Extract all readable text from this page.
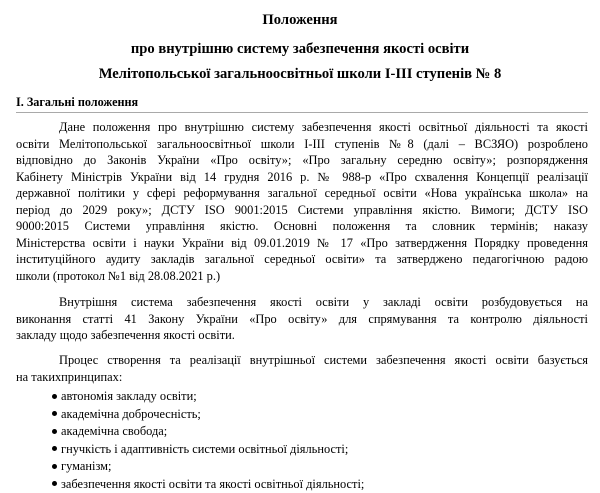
Положення

про внутрішню систему забезпечення якості освіти

Мелітопольської загальноосвітньої школи І-ІІІ ступенів № 8

І. Загальні положення

Дане положення про внутрішню систему забезпечення якості освітньої діяльності та якості

освіти Мелітопольської загальноосвітньої школи І-ІІІ ступенів №8 (далі – ВСЗЯО) розроблено

відповідно до Законів України «Про освіту»; «Про загальну середню освіту»; розпорядження

Кабінету Міністрів України від 14 грудня 2016 р. № 988-р «Про схвалення Концепції реалізації

державної політики у сфері реформування загальної середньої освіти «Нова українська школа» на

період до 2029 року»; ДСТУ ISO 9001:2015 Системи управління якістю. Вимоги; ДСТУ ISO

9000:2015 Системи управління якістю. Основні положення та словник термінів; наказу

Міністерства освіти і науки України від 09.01.2019 № 17 «Про затвердження Порядку проведення

інституційного аудиту закладів загальної середньої освіти» та затверджено педагогічною радою

школи (протокол №1 від 28.08.2021 р.)

Внутрішня система забезпечення якості освіти у закладі освіти розбудовується на

виконання статті 41 Закону України «Про освіту» для спрямування та контролю діяльності

закладу щодо забезпечення якості освіти.

Процес створення та реалізації внутрішньої системи забезпечення якості освіти базується

на такихпринципах:

автономія закладу освіти;
академічна доброчесність;
академічна свобода;
гнучкість і адаптивність системи освітньої діяльності;
гуманізм;
забезпечення якості освіти та якості освітньої діяльності;
